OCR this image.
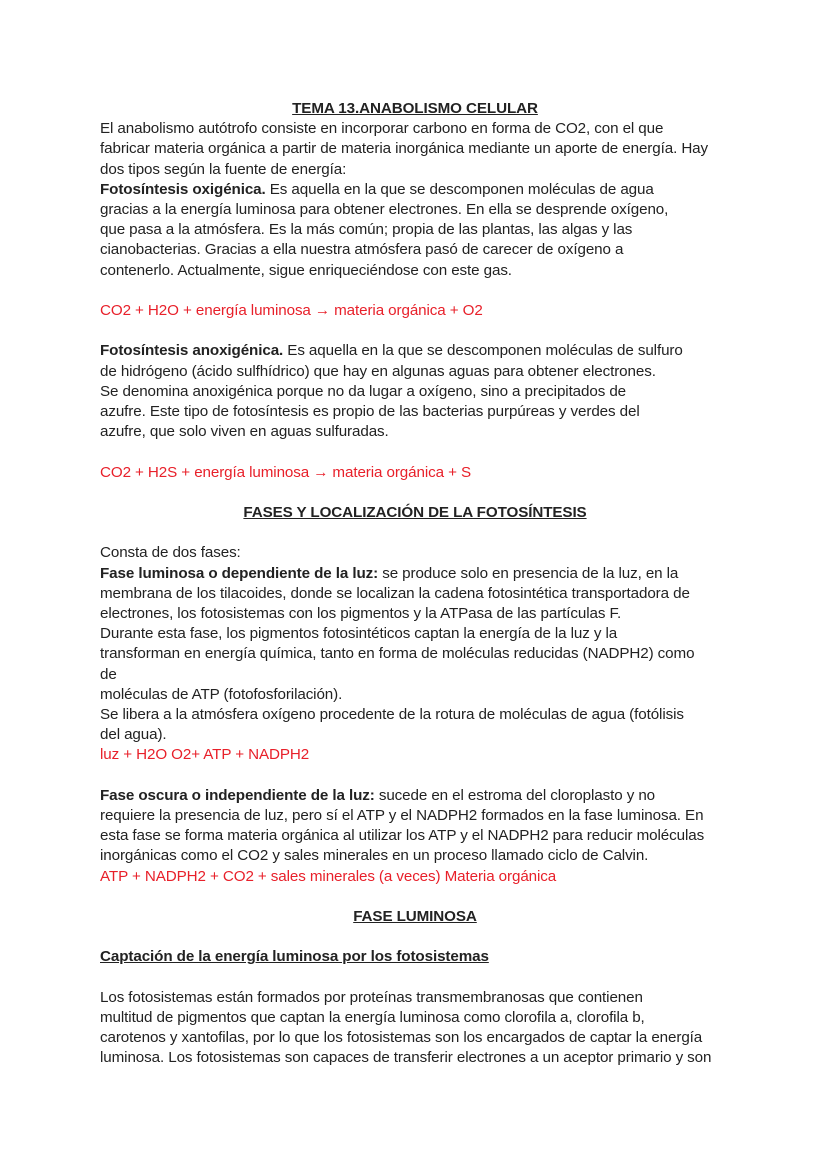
TEMA 13.ANABOLISMO CELULAR
El anabolismo autótrofo consiste en incorporar carbono en forma de CO2, con el que
fabricar materia orgánica a partir de materia inorgánica mediante un aporte de energía. Hay
dos tipos según la fuente de energía:
Fotosíntesis oxigénica. Es aquella en la que se descomponen moléculas de agua
gracias a la energía luminosa para obtener electrones. En ella se desprende oxígeno,
que pasa a la atmósfera. Es la más común; propia de las plantas, las algas y las
cianobacterias. Gracias a ella nuestra atmósfera pasó de carecer de oxígeno a
contenerlo. Actualmente, sigue enriqueciéndose con este gas.
CO2 + H2O + energía luminosa → materia orgánica + O2
Fotosíntesis anoxigénica. Es aquella en la que se descomponen moléculas de sulfuro
de hidrógeno (ácido sulfhídrico) que hay en algunas aguas para obtener electrones.
Se denomina anoxigénica porque no da lugar a oxígeno, sino a precipitados de
azufre. Este tipo de fotosíntesis es propio de las bacterias purpúreas y verdes del
azufre, que solo viven en aguas sulfuradas.
CO2 + H2S + energía luminosa → materia orgánica + S
FASES Y LOCALIZACIÓN DE LA FOTOSÍNTESIS
Consta de dos fases:
Fase luminosa o dependiente de la luz: se produce solo en presencia de la luz, en la
membrana de los tilacoides, donde se localizan la cadena fotosintética transportadora de
electrones, los fotosistemas con los pigmentos y la ATPasa de las partículas F.
Durante esta fase, los pigmentos fotosintéticos captan la energía de la luz y la
transforman en energía química, tanto en forma de moléculas reducidas (NADPH2) como
de
moléculas de ATP (fotofosforilación).
Se libera a la atmósfera oxígeno procedente de la rotura de moléculas de agua (fotólisis
del agua).
luz + H2O O2+ ATP + NADPH2
Fase oscura o independiente de la luz: sucede en el estroma del cloroplasto y no
requiere la presencia de luz, pero sí el ATP y el NADPH2 formados en la fase luminosa. En
esta fase se forma materia orgánica al utilizar los ATP y el NADPH2 para reducir moléculas
inorgánicas como el CO2 y sales minerales en un proceso llamado ciclo de Calvin.
ATP + NADPH2 + CO2 + sales minerales (a veces) Materia orgánica
FASE LUMINOSA
Captación de la energía luminosa por los fotosistemas
Los fotosistemas están formados por proteínas transmembranosas que contienen
multitud de pigmentos que captan la energía luminosa como clorofila a, clorofila b,
carotenos y xantofilas, por lo que los fotosistemas son los encargados de captar la energía
luminosa. Los fotosistemas son capaces de transferir electrones a un aceptor primario y son
